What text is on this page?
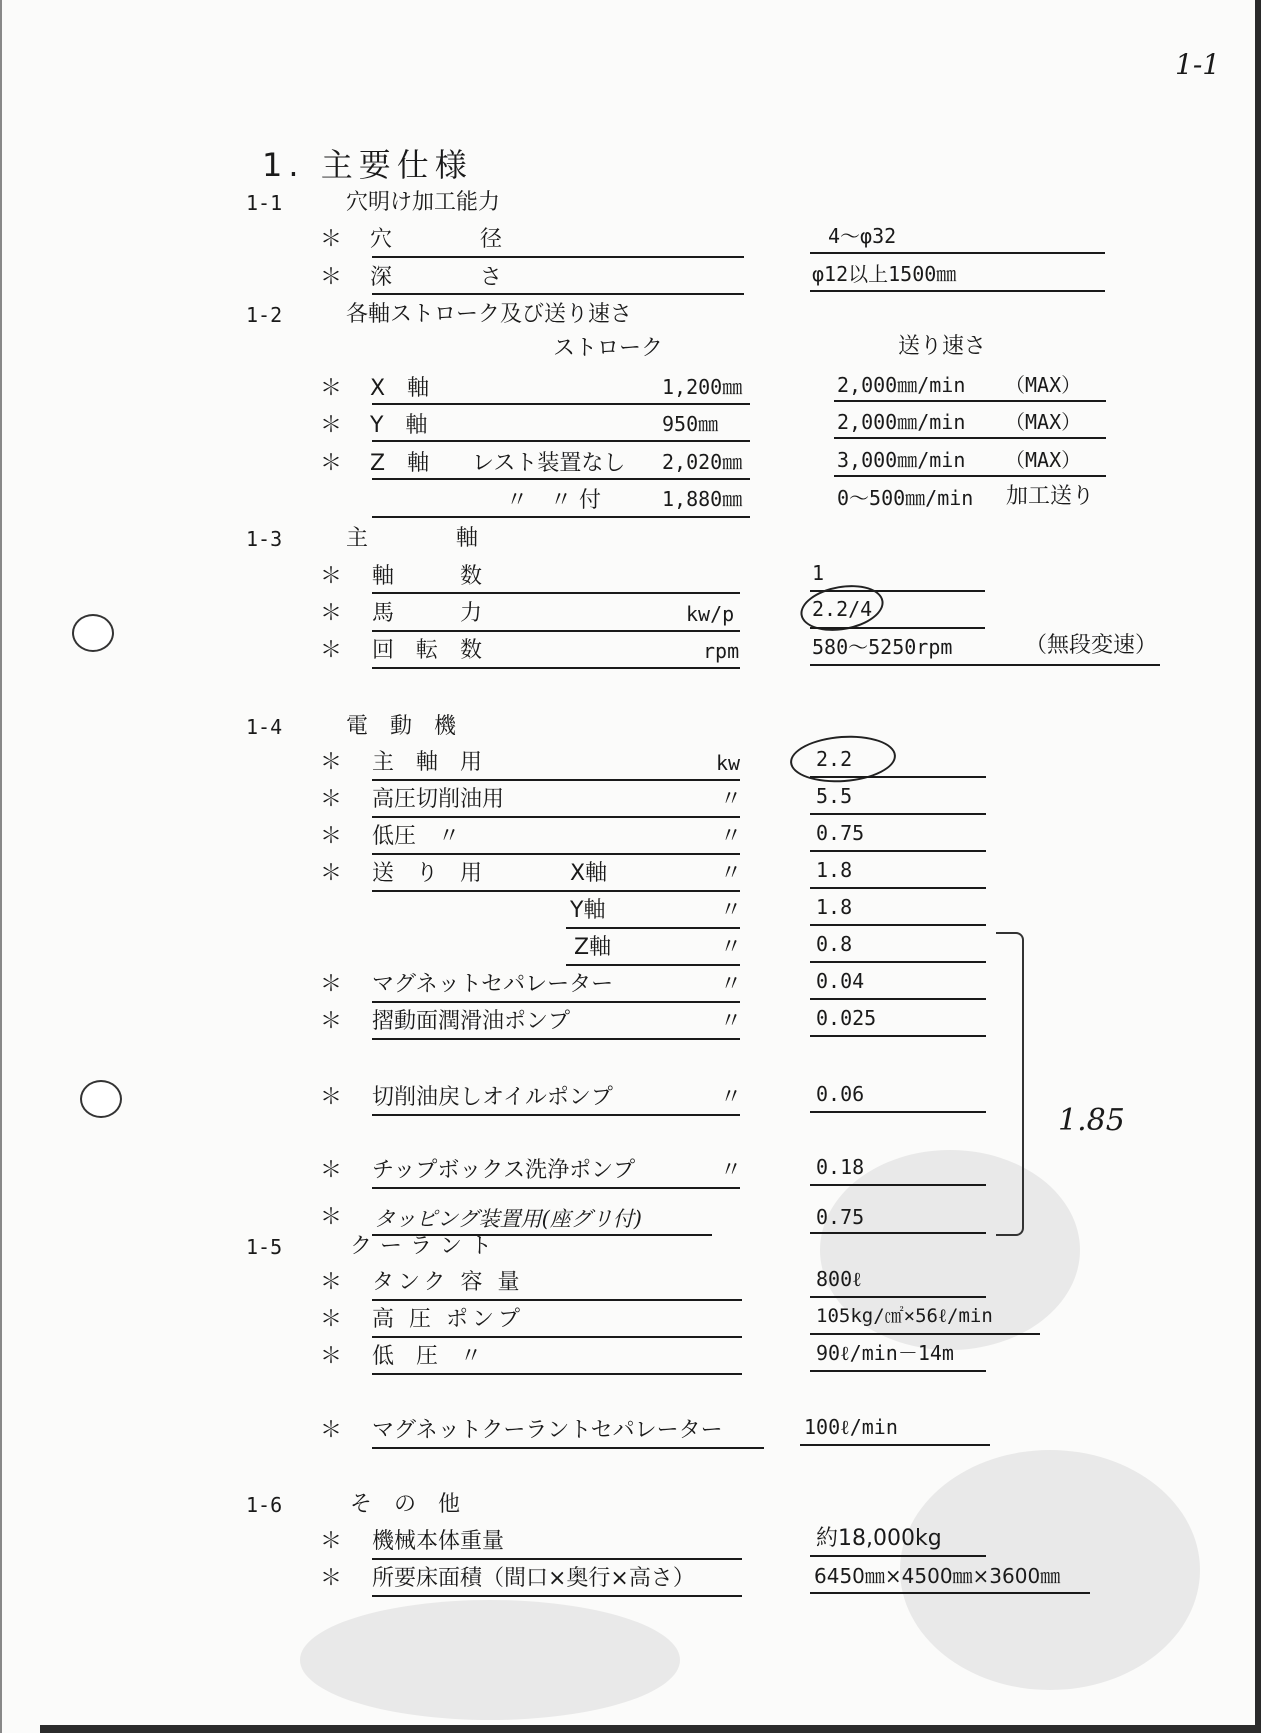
1-1
1. 主要仕様
1-1	穴明け加工能力
＊ 穴　　　　径	4～φ32
＊ 深　　　　さ	φ12以上1500㎜
1-2	各軸ストローク及び送り速さ
ストローク	送り速さ
＊ X　軸	1,200㎜	2,000㎜/min （MAX）
＊ Y　軸	950㎜	2,000㎜/min （MAX）
＊ Z　軸 レスト装置なし 2,020㎜	3,000㎜/min （MAX）
〃　〃 付	1,880㎜	0～500㎜/min 加工送り
1-3	主　　　　軸
＊ 軸　　　数	1
＊ 馬　　　力	kw/p	2.2/4
＊ 回　転　数	rpm	580～5250rpm	（無段変速）
1-4	電　動　機
＊ 主　軸　用	kw	2.2
＊ 高圧切削油用	〃	5.5
＊ 低圧　〃	〃	0.75
＊ 送　り　用	X軸	〃	1.8
Y軸	〃	1.8
Z軸	〃	0.8
＊ マグネットセパレーター	〃	0.04
＊ 摺動面潤滑油ポンプ	〃	0.025
＊ 切削油戻しオイルポンプ	〃	0.06
＊ チップボックス洗浄ポンプ	〃	0.18
＊ タッピング装置用(座グリ付)	0.75
1.85
1-5	クーラント
＊ タンク 容 量	800ℓ
＊ 高 圧 ポンプ	105kg/㎠×56ℓ/min
＊ 低　圧　〃	90ℓ/min－14m
＊ マグネットクーラントセパレーター	100ℓ/min
1-6	そ　の　他
＊ 機械本体重量	約18,000kg
＊ 所要床面積（間口×奥行×高さ）	6450㎜×4500㎜×3600㎜
